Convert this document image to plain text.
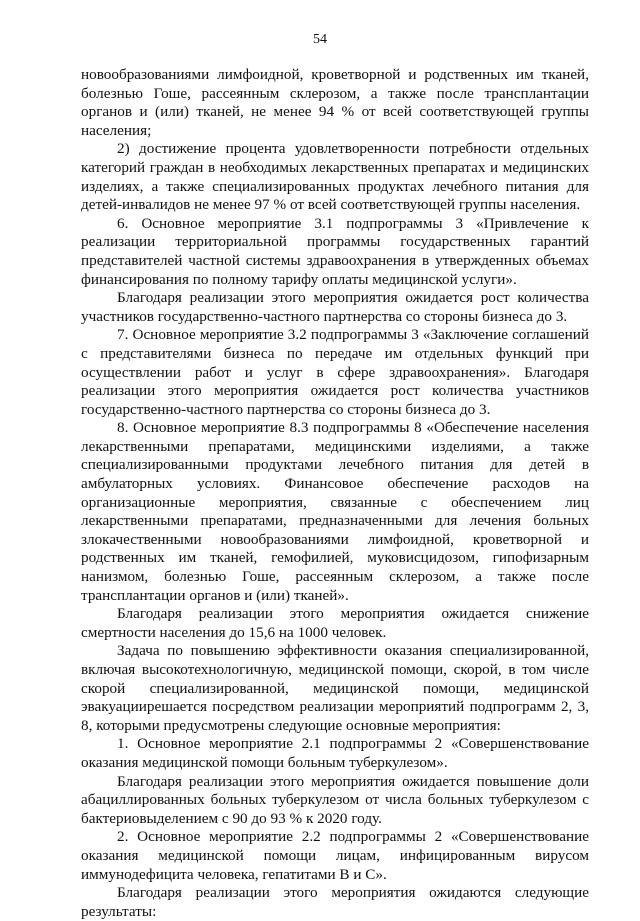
54

новообразованиями лимфоидной, кроветворной и родственных им тканей, болезнью Гоше, рассеянным склерозом, а также после трансплантации органов и (или) тканей, не менее 94 % от всей соответствующей группы населения;

2) достижение процента удовлетворенности потребности отдельных категорий граждан в необходимых лекарственных препаратах и медицинских изделиях, а также специализированных продуктах лечебного питания для детей-инвалидов не менее 97 % от всей соответствующей группы населения.

6. Основное мероприятие 3.1 подпрограммы 3 «Привлечение к реализации территориальной программы государственных гарантий представителей частной системы здравоохранения в утвержденных объемах финансирования по полному тарифу оплаты медицинской услуги».

Благодаря реализации этого мероприятия ожидается рост количества участников государственно-частного партнерства со стороны бизнеса до 3.

7. Основное мероприятие 3.2 подпрограммы 3 «Заключение соглашений с представителями бизнеса по передаче им отдельных функций при осуществлении работ и услуг в сфере здравоохранения». Благодаря реализации этого мероприятия ожидается рост количества участников государственно-частного партнерства со стороны бизнеса до 3.

8. Основное мероприятие 8.3 подпрограммы 8 «Обеспечение населения лекарственными препаратами, медицинскими изделиями, а также специализированными продуктами лечебного питания для детей в амбулаторных условиях. Финансовое обеспечение расходов на организационные мероприятия, связанные с обеспечением лиц лекарственными препаратами, предназначенными для лечения больных злокачественными новообразованиями лимфоидной, кроветворной и родственных им тканей, гемофилией, муковисцидозом, гипофизарным нанизмом, болезнью Гоше, рассеянным склерозом, а также после трансплантации органов и (или) тканей».

Благодаря реализации этого мероприятия ожидается снижение смертности населения до 15,6 на 1000 человек.

Задача по повышению эффективности оказания специализированной, включая высокотехнологичную, медицинской помощи, скорой, в том числе скорой специализированной, медицинской помощи, медицинской эвакуациирешается посредством реализации мероприятий подпрограмм 2, 3, 8, которыми предусмотрены следующие основные мероприятия:

1. Основное мероприятие 2.1 подпрограммы 2 «Совершенствование оказания медицинской помощи больным туберкулезом».

Благодаря реализации этого мероприятия ожидается повышение доли абациллированных больных туберкулезом от числа больных туберкулезом с бактериовыделением с 90 до 93 % к 2020 году.

2. Основное мероприятие 2.2 подпрограммы 2 «Совершенствование оказания медицинской помощи лицам, инфицированным вирусом иммунодефицита человека, гепатитами В и С».

Благодаря реализации этого мероприятия ожидаются следующие результаты:
